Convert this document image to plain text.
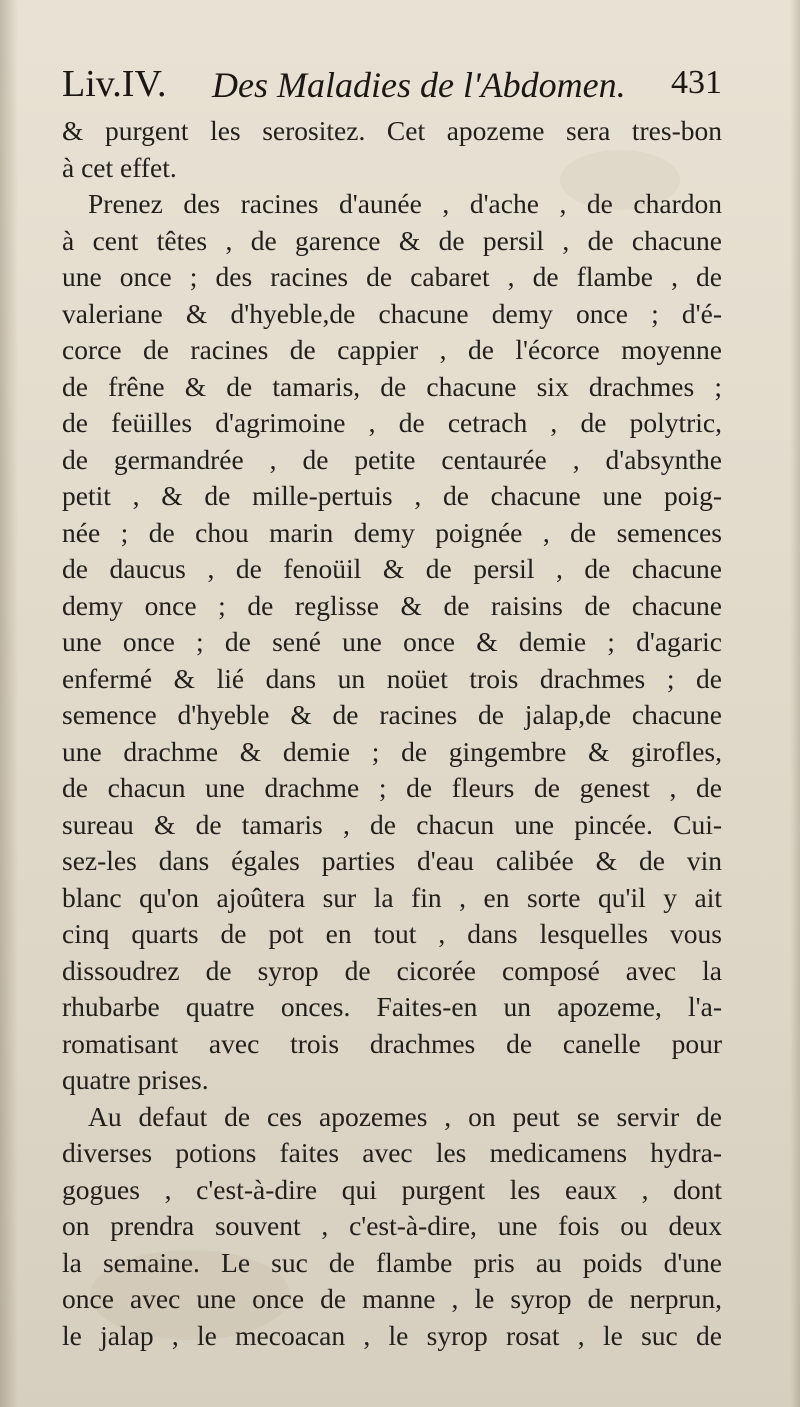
Liv.IV. Des Maladies de l'Abdomen. 431
& purgent les serositez. Cet apozeme sera tres-bon
à cet effet.
Prenez des racines d'aunée , d'ache , de chardon
à cent têtes , de garence & de persil , de chacune
une once ; des racines de cabaret , de flambe , de
valeriane & d'hyeble,de chacune demy once ; d'é-
corce de racines de cappier , de l'écorce moyenne
de frêne & de tamaris, de chacune six drachmes ;
de feüilles d'agrimoine , de cetrach , de polytric,
de germandrée , de petite centaurée , d'absynthe
petit , & de mille-pertuis , de chacune une poig-
née ; de chou marin demy poignée , de semences
de daucus , de fenoüil & de persil , de chacune
demy once ; de reglisse & de raisins de chacune
une once ; de sené une once & demie ; d'agaric
enfermé & lié dans un noüet trois drachmes ; de
semence d'hyeble & de racines de jalap,de chacune
une drachme & demie ; de gingembre & girofles,
de chacun une drachme ; de fleurs de genest , de
sureau & de tamaris , de chacun une pincée. Cui-
sez-les dans égales parties d'eau calibée & de vin
blanc qu'on ajoûtera sur la fin , en sorte qu'il y ait
cinq quarts de pot en tout , dans lesquelles vous
dissoudrez de syrop de cicorée composé avec la
rhubarbe quatre onces. Faites-en un apozeme, l'a-
romatisant avec trois drachmes de canelle pour
quatre prises.
Au defaut de ces apozemes , on peut se servir de
diverses potions faites avec les medicamens hydra-
gogues , c'est-à-dire qui purgent les eaux , dont
on prendra souvent , c'est-à-dire, une fois ou deux
la semaine. Le suc de flambe pris au poids d'une
once avec une once de manne , le syrop de nerprun,
le jalap , le mecoacan , le syrop rosat , le suc de
